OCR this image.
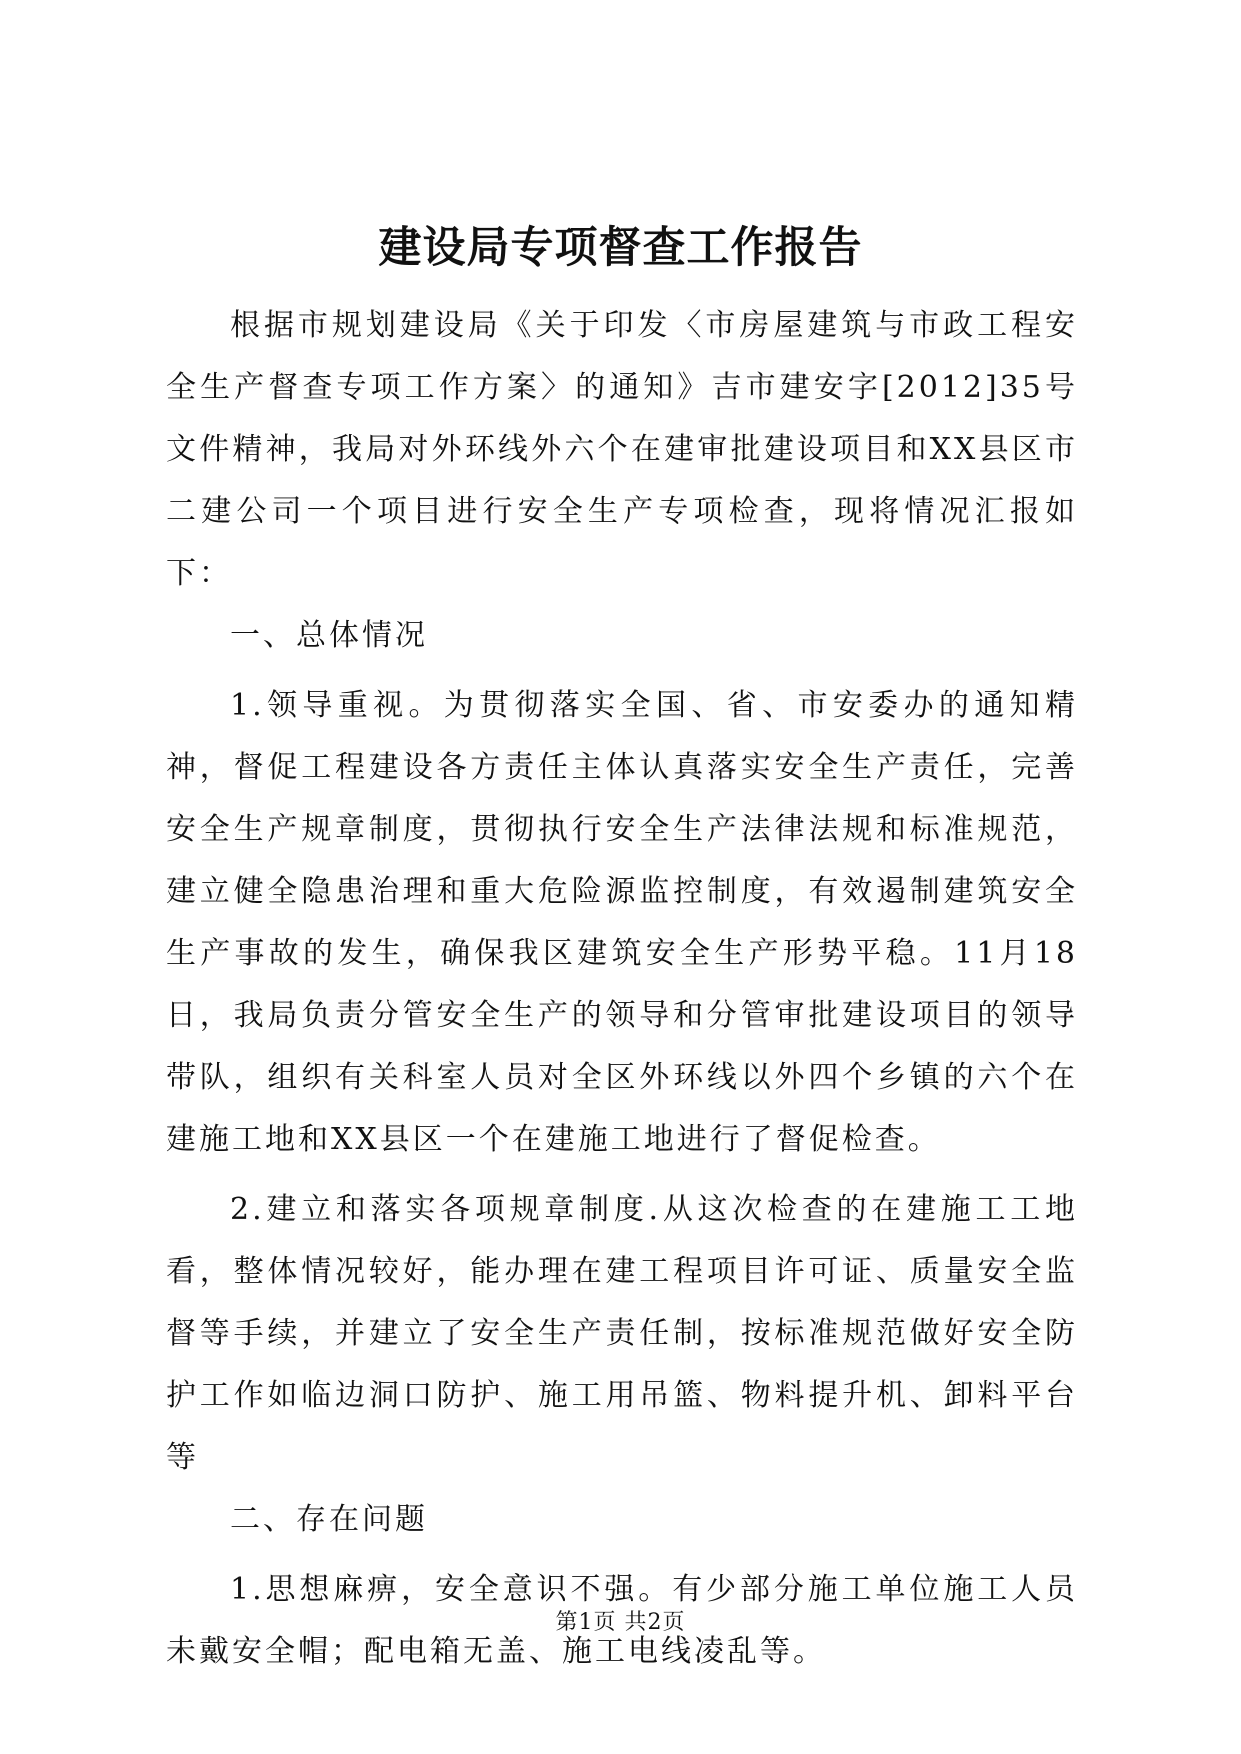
建设局专项督查工作报告

根据市规划建设局《关于印发〈市房屋建筑与市政工程安全生产督查专项工作方案〉的通知》吉市建安字[2012]35号文件精神，我局对外环线外六个在建审批建设项目和XX县区市二建公司一个项目进行安全生产专项检查，现将情况汇报如下：

一、总体情况

1.领导重视。为贯彻落实全国、省、市安委办的通知精神，督促工程建设各方责任主体认真落实安全生产责任，完善安全生产规章制度，贯彻执行安全生产法律法规和标准规范，建立健全隐患治理和重大危险源监控制度，有效遏制建筑安全生产事故的发生，确保我区建筑安全生产形势平稳。11月18日，我局负责分管安全生产的领导和分管审批建设项目的领导带队，组织有关科室人员对全区外环线以外四个乡镇的六个在建施工地和XX县区一个在建施工地进行了督促检查。

2.建立和落实各项规章制度.从这次检查的在建施工工地看，整体情况较好，能办理在建工程项目许可证、质量安全监督等手续，并建立了安全生产责任制，按标准规范做好安全防护工作如临边洞口防护、施工用吊篮、物料提升机、卸料平台等

二、存在问题

1.思想麻痹，安全意识不强。有少部分施工单位施工人员未戴安全帽；配电箱无盖、施工电线凌乱等。

第1页 共2页
